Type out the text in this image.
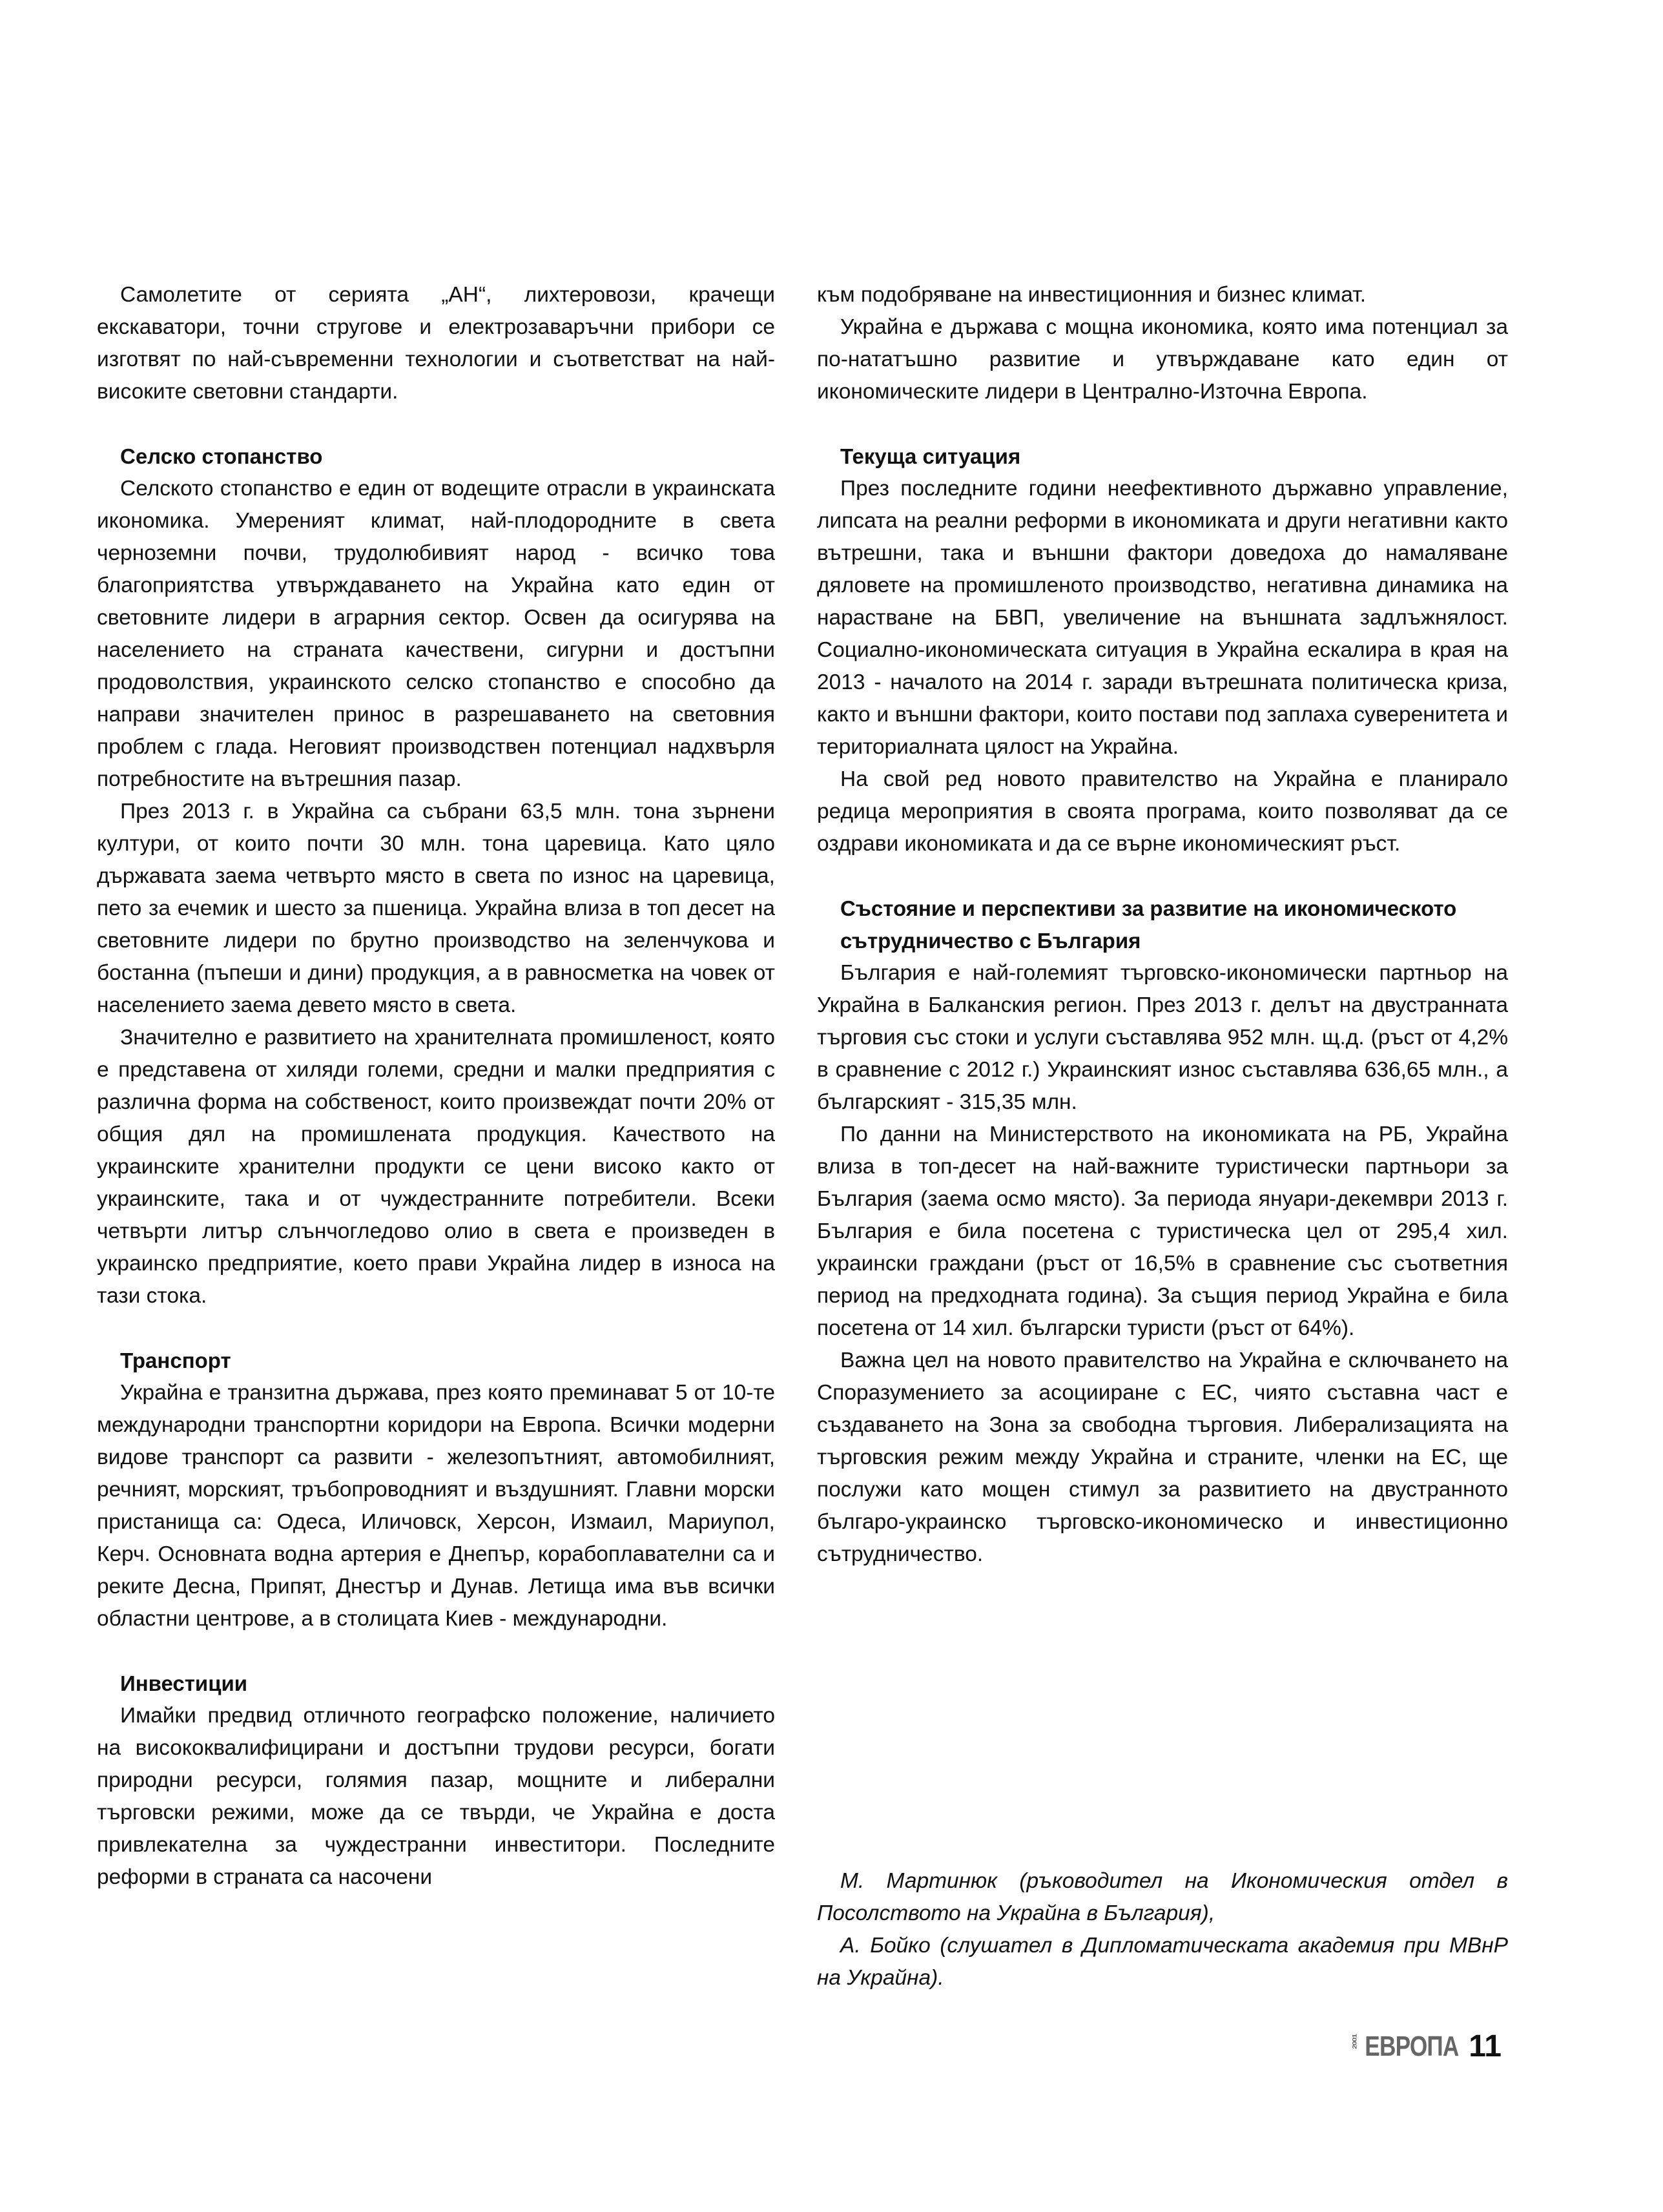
Самолетите от серията „АН“, лихтеровози, крачещи екскаватори, точни стругове и електрозаваръчни прибори се изготвят по най-съвременни технологии и съответстват на най-високите световни стандарти.

Селско стопанство

Селското стопанство е един от водещите отрасли в украинската икономика. Умереният климат, най-плодородните в света черноземни почви, трудолюбивият народ - всичко това благоприятства утвърждаването на Украйна като един от световните лидери в аграрния сектор. Освен да осигурява на населението на страната качествени, сигурни и достъпни продоволствия, украинското селско стопанство е способно да направи значителен принос в разрешаването на световния проблем с глада. Неговият производствен потенциал надхвърля потребностите на вътрешния пазар.

През 2013 г. в Украйна са събрани 63,5 млн. тона зърнени култури, от които почти 30 млн. тона царевица. Като цяло държавата заема четвърто място в света по износ на царевица, пето за ечемик и шесто за пшеница. Украйна влиза в топ десет на световните лидери по брутно производство на зеленчукова и бостанна (пъпеши и дини) продукция, а в равносметка на човек от населението заема девето място в света.

Значително е развитието на хранителната промишленост, която е представена от хиляди големи, средни и малки предприятия с различна форма на собственост, които произвеждат почти 20% от общия дял на промишлената продукция. Качеството на украинските хранителни продукти се цени високо както от украинските, така и от чуждестранните потребители. Всеки четвърти литър слънчогледово олио в света е произведен в украинско предприятие, което прави Украйна лидер в износа на тази стока.

Транспорт

Украйна е транзитна държава, през която преминават 5 от 10-те международни транспортни коридори на Европа. Всички модерни видове транспорт са развити - железопътният, автомобилният, речният, морският, тръбопроводният и въздушният. Главни морски пристанища са: Одеса, Иличовск, Херсон, Измаил, Мариупол, Керч. Основната водна артерия е Днепър, корабоплавателни са и реките Десна, Припят, Днестър и Дунав. Летища има във всички областни центрове, а в столицата Киев - международни.

Инвестиции

Имайки предвид отличното географско положение, наличието на висококвалифицирани и достъпни трудови ресурси, богати природни ресурси, голямия пазар, мощните и либерални търговски режими, може да се твърди, че Украйна е доста привлекателна за чуждестранни инвеститори. Последните реформи в страната са насочени

към подобряване на инвестиционния и бизнес климат.

Украйна е държава с мощна икономика, която има потенциал за по-нататъшно развитие и утвърждаване като един от икономическите лидери в Централно-Източна Европа.

Текуща ситуация

През последните години неефективното държавно управление, липсата на реални реформи в икономиката и други негативни както вътрешни, така и външни фактори доведоха до намаляване дяловете на промишленото производство, негативна динамика на нарастване на БВП, увеличение на външната задлъжнялост. Социално-икономическата ситуация в Украйна ескалира в края на 2013 - началото на 2014 г. заради вътрешната политическа криза, както и външни фактори, които постави под заплаха суверенитета и териториалната цялост на Украйна.

На свой ред новото правителство на Украйна е планирало редица мероприятия в своята програма, които позволяват да се оздрави икономиката и да се върне икономическият ръст.

Състояние и перспективи за развитие на икономическото сътрудничество с България

България е най-големият търговско-икономически партньор на Украйна в Балканския регион. През 2013 г. делът на двустранната търговия със стоки и услуги съставлява 952 млн. щ.д. (ръст от 4,2% в сравнение с 2012 г.) Украинският износ съставлява 636,65 млн., а българският - 315,35 млн.

По данни на Министерството на икономиката на РБ, Украйна влиза в топ-десет на най-важните туристически партньори за България (заема осмо място). За периода януари-декември 2013 г. България е била посетена с туристическа цел от 295,4 хил. украински граждани (ръст от 16,5% в сравнение със съответния период на предходната година). За същия период Украйна е била посетена от 14 хил. български туристи (ръст от 64%).

Важна цел на новото правителство на Украйна е сключването на Споразумението за асоцииране с ЕС, чиято съставна част е създаването на Зона за свободна търговия. Либерализацията на търговския режим между Украйна и страните, членки на ЕС, ще послужи като мощен стимул за развитието на двустранното българо-украинско търговско-икономическо и инвестиционно сътрудничество.

М. Мартинюк (ръководител на Икономическия отдел в Посолството на Украйна в България),

А. Бойко (слушател в Дипломатическата академия при МВнР на Украйна).

2001 ЕВРОПА 11
